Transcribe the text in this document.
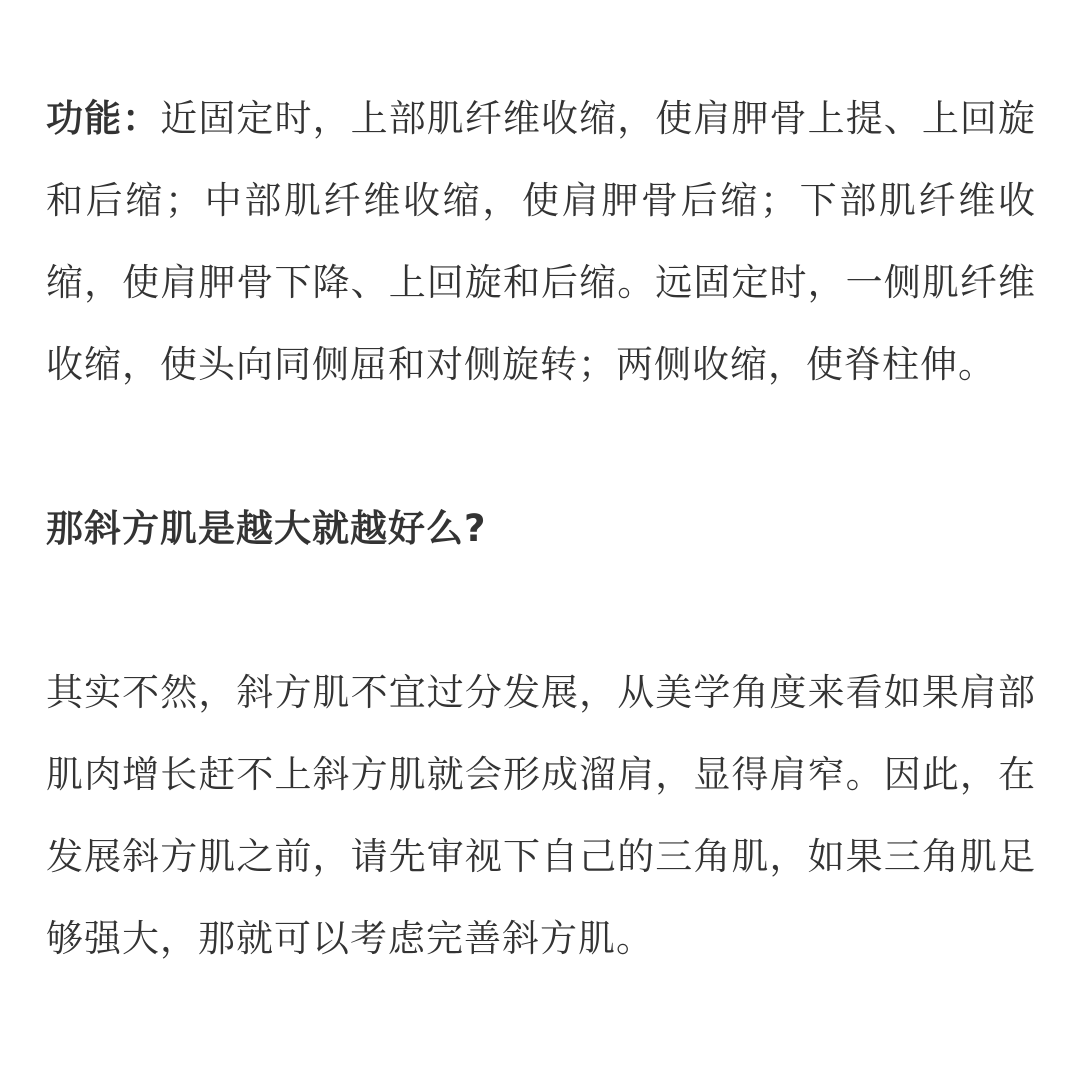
功能：近固定时，上部肌纤维收缩，使肩胛骨上提、上回旋和后缩；中部肌纤维收缩，使肩胛骨后缩；下部肌纤维收缩，使肩胛骨下降、上回旋和后缩。远固定时，一侧肌纤维收缩，使头向同侧屈和对侧旋转；两侧收缩，使脊柱伸。

那斜方肌是越大就越好么?

其实不然，斜方肌不宜过分发展，从美学角度来看如果肩部肌肉增长赶不上斜方肌就会形成溜肩，显得肩窄。因此，在发展斜方肌之前，请先审视下自己的三角肌，如果三角肌足够强大，那就可以考虑完善斜方肌。
